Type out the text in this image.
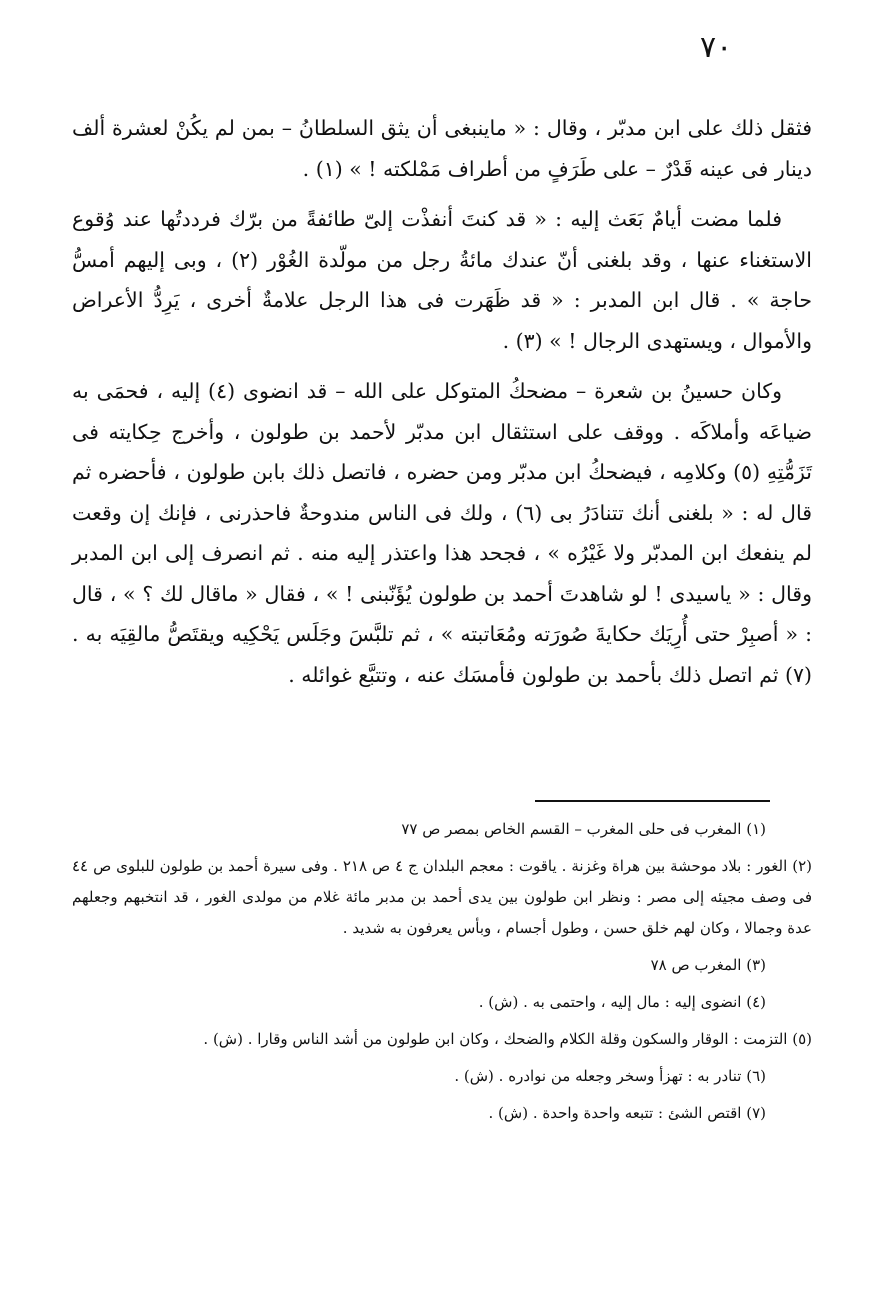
٧٠

فثقل ذلك على ابن مدبّر ، وقال : « ماينبغى أن يثق السلطانُ – بمن لم يكُنْ لعشرة ألف دينار فى عينه قَدْرٌ – على طَرَفٍ من أطراف مَمْلكته ! » (١) .

فلما مضت أيامٌ بَعَث إليه : « قد كنتَ أنفذْت إلىّ طائفةً من برّك فرددتُها عند وُقوع الاستغناء عنها ، وقد بلغنى أنّ عندك مائةُ رجل من مولّدة الغُوْر (٢) ، وبى إليهم أمسُّ حاجة » . قال ابن المدبر : « قد ظَهَرت فى هذا الرجل علامةٌ أخرى ، يَرِدُّ الأعراض والأموال ، ويستهدى الرجال ! » (٣) .

وكان حسينُ بن شعرة – مضحكُ المتوكل على الله – قد انضوى (٤) إليه ، فحمَى به ضياعَه وأملاكَه . ووقف على استثقال ابن مدبّر لأحمد بن طولون ، وأخرج حِكايته فى تَزَمُّتِهِ (٥) وكلامِه ، فيضحكُ ابن مدبّر ومن حضره ، فاتصل ذلك بابن طولون ، فأحضره ثم قال له : « بلغنى أنك تتنادَرُ بى (٦) ، ولك فى الناس مندوحةٌ فاحذرنى ، فإنك إن وقعت لم ينفعك ابن المدبّر ولا غَيْرُه » ، فجحد هذا واعتذر إليه منه . ثم انصرف إلى ابن المدبر وقال : « ياسيدى ! لو شاهدتَ أحمد بن طولون يُؤَنّبنى ! » ، فقال « ماقال لك ؟ » ، قال : « أصبِرْ حتى أُرِيَك حكايةَ صُورَته ومُعَاتبته » ، ثم تلبَّسَ وجَلَس يَحْكِيه ويقتَصُّ مالقِيَه به . (٧) ثم اتصل ذلك بأحمد بن طولون فأمسَك عنه ، وتتبَّع غوائله .

(١) المغرب فى حلى المغرب – القسم الخاص بمصر ص ٧٧
(٢) الغور : بلاد موحشة بين هراة وغزنة . ياقوت : معجم البلدان ج ٤ ص ٢١٨ . وفى سيرة أحمد بن طولون للبلوى ص ٤٤ فى وصف مجيئه إلى مصر : ونظر ابن طولون بين يدى أحمد بن مدبر مائة غلام من مولدى الغور ، قد انتخبهم وجعلهم عدة وجمالا ، وكان لهم خلق حسن ، وطول أجسام ، وبأس يعرفون به شديد .
(٣) المغرب ص ٧٨
(٤) انضوى إليه : مال إليه ، واحتمى به . (ش) .
(٥) التزمت : الوقار والسكون وقلة الكلام والضحك ، وكان ابن طولون من أشد الناس وقارا . (ش) .
(٦) تنادر به : تهزأ وسخر وجعله من نوادره . (ش) .
(٧) اقتص الشئ : تتبعه واحدة واحدة . (ش) .
